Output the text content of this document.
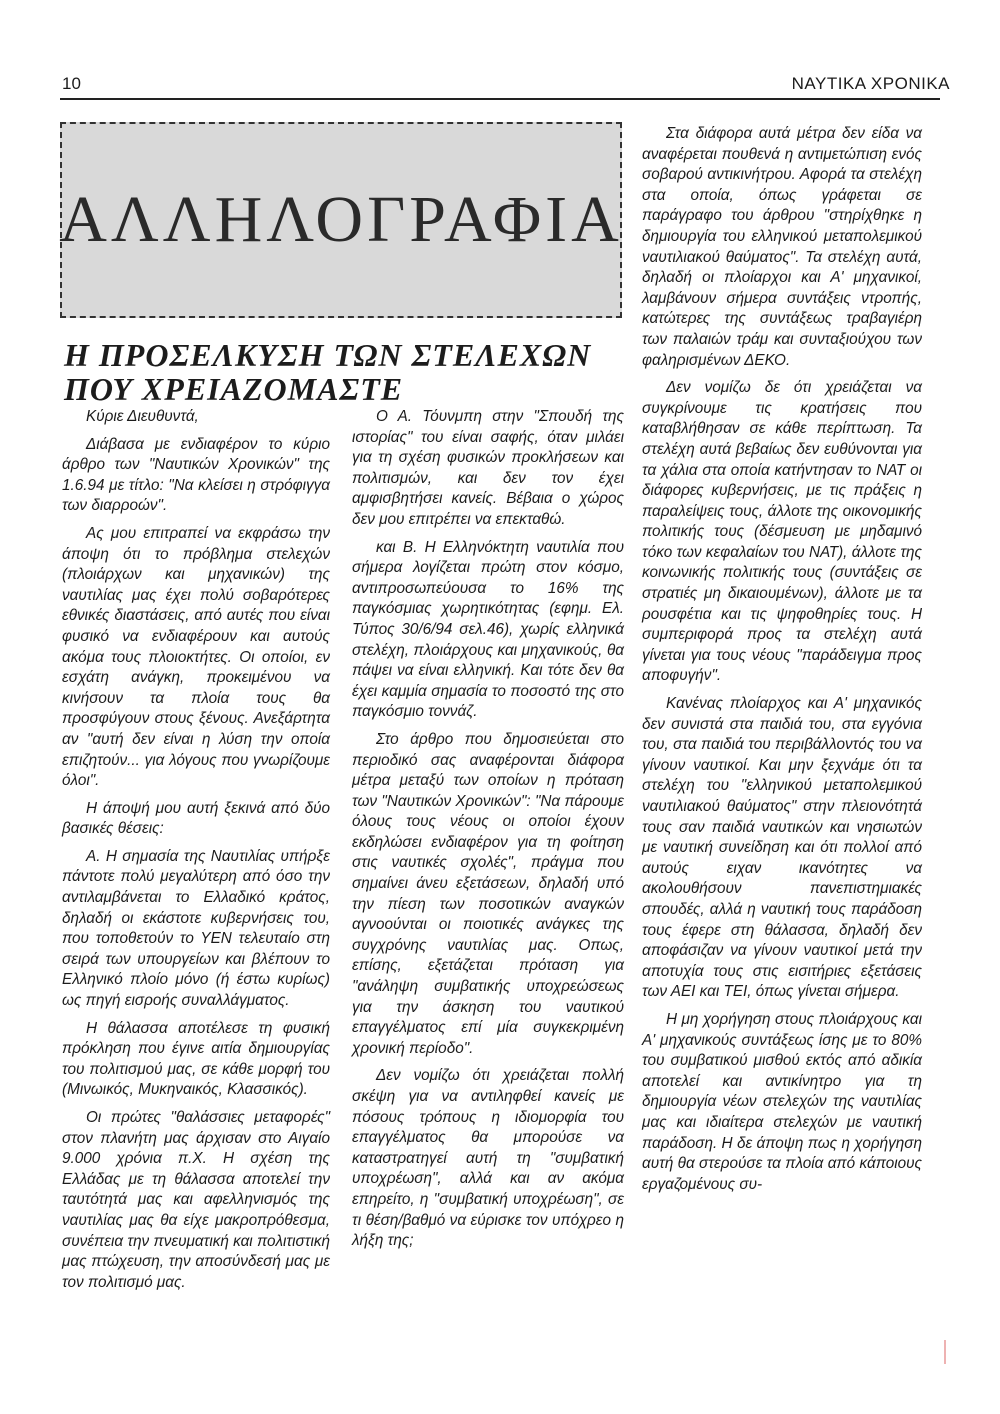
10	ΝΑΥΤΙΚΑ ΧΡΟΝΙΚΑ
ΑΛΛΗΛΟΓΡΑΦΙΑ
Η ΠΡΟΣΕΛΚΥΣΗ ΤΩΝ ΣΤΕΛΕΧΩΝ ΠΟΥ ΧΡΕΙΑΖΟΜΑΣΤΕ

Κύριε Διευθυντά,

Διάβασα με ενδιαφέρον το κύριο άρθρο των "Ναυτικών Χρονικών" της 1.6.94 με τίτλο: "Να κλείσει η στρόφιγγα των διαρροών".

Ας μου επιτραπεί να εκφράσω την άποψη ότι το πρόβλημα στελεχών (πλοιάρχων και μηχανικών) της ναυτιλίας μας έχει πολύ σοβαρότερες εθνικές διαστάσεις, από αυτές που είναι φυσικό να ενδιαφέρουν και αυτούς ακόμα τους πλοιοκτήτες. Οι οποίοι, εν εσχάτη ανάγκη, προκειμένου να κινήσουν τα πλοία τους θα προσφύγουν στους ξένους. Ανεξάρτητα αν "αυτή δεν είναι η λύση την οποία επιζητούν... για λόγους που γνωρίζουμε όλοι".

Η άποψή μου αυτή ξεκινά από δύο βασικές θέσεις:

Α. Η σημασία της Ναυτιλίας υπήρξε πάντοτε πολύ μεγαλύτερη από όσο την αντιλαμβάνεται το Ελλαδικό κράτος, δηλαδή οι εκάστοτε κυβερνήσεις του, που τοποθετούν το ΥΕΝ τελευταίο στη σειρά των υπουργείων και βλέπουν το Ελληνικό πλοίο μόνο (ή έστω κυρίως) ως πηγή εισροής συναλλάγματος.

Η θάλασσα αποτέλεσε τη φυσική πρόκληση που έγινε αιτία δημιουργίας του πολιτισμού μας, σε κάθε μορφή του (Μινωικός, Μυκηναικός, Κλασσικός).

Οι πρώτες "θαλάσσιες μεταφορές" στον πλανήτη μας άρχισαν στο Αιγαίο 9.000 χρόνια π.Χ. Η σχέση της Ελλάδας με τη θάλασσα αποτελεί την ταυτότητά μας και αφελληνισμός της ναυτιλίας μας θα είχε μακροπρόθεσμα, συνέπεια την πνευματική και πολιτιστική μας πτώχευση, την αποσύνδεσή μας με τον πολιτισμό μας.

Ο Α. Τόυνμπη στην "Σπουδή της ιστορίας" του είναι σαφής, όταν μιλάει για τη σχέση φυσικών προκλήσεων και πολιτισμών, και δεν τον έχει αμφισβητήσει κανείς. Βέβαια ο χώρος δεν μου επιτρέπει να επεκταθώ.

και Β. Η Ελληνόκτητη ναυτιλία που σήμερα λογίζεται πρώτη στον κόσμο, αντιπροσωπεύουσα το 16% της παγκόσμιας χωρητικότητας (εφημ. Ελ. Τύπος 30/6/94 σελ.46), χωρίς ελληνικά στελέχη, πλοιάρχους και μηχανικούς, θα πάψει να είναι ελληνική. Και τότε δεν θα έχει καμμία σημασία το ποσοστό της στο παγκόσμιο τοννάζ.

Στο άρθρο που δημοσιεύεται στο περιοδικό σας αναφέρονται διάφορα μέτρα μεταξύ των οποίων η πρόταση των "Ναυτικών Χρονικών": "Να πάρουμε όλους τους νέους οι οποίοι έχουν εκδηλώσει ενδιαφέρον για τη φοίτηση στις ναυτικές σχολές", πράγμα που σημαίνει άνευ εξετάσεων, δηλαδή υπό την πίεση των ποσοτικών αναγκών αγνοούνται οι ποιοτικές ανάγκες της συγχρόνης ναυτιλίας μας. Οπως, επίσης, εξετάζεται πρόταση για "ανάληψη συμβατικής υποχρεώσεως για την άσκηση του ναυτικού επαγγέλματος επί μία συγκεκριμένη χρονική περίοδο".

Δεν νομίζω ότι χρειάζεται πολλή σκέψη για να αντιληφθεί κανείς με πόσους τρόπους η ιδιομορφία του επαγγέλματος θα μπορούσε να καταστρατηγεί αυτή τη "συμβατική υποχρέωση", αλλά και αν ακόμα επηρείτο, η "συμβατική υποχρέωση", σε τι θέση/βαθμό να εύρισκε τον υπόχρεο η λήξη της;

Στα διάφορα αυτά μέτρα δεν είδα να αναφέρεται πουθενά η αντιμετώπιση ενός σοβαρού αντικινήτρου. Αφορά τα στελέχη στα οποία, όπως γράφεται σε παράγραφο του άρθρου "στηρίχθηκε η δημιουργία του ελληνικού μεταπολεμικού ναυτιλιακού θαύματος". Τα στελέχη αυτά, δηλαδή οι πλοίαρχοι και Α' μηχανικοί, λαμβάνουν σήμερα συντάξεις ντροπής, κατώτερες της συντάξεως τραβαγιέρη των παλαιών τράμ και συνταξιούχου των φαληρισμένων ΔΕΚΟ.

Δεν νομίζω δε ότι χρειάζεται να συγκρίνουμε τις κρατήσεις που καταβλήθησαν σε κάθε περίπτωση. Τα στελέχη αυτά βεβαίως δεν ευθύνονται για τα χάλια στα οποία κατήντησαν το ΝΑΤ οι διάφορες κυβερνήσεις, με τις πράξεις η παραλείψεις τους, άλλοτε της οικονομικής πολιτικής τους (δέσμευση με μηδαμινό τόκο των κεφαλαίων του ΝΑΤ), άλλοτε της κοινωνικής πολιτικής τους (συντάξεις σε στρατιές μη δικαιουμένων), άλλοτε με τα ρουσφέτια και τις ψηφοθηρίες τους. Η συμπεριφορά προς τα στελέχη αυτά γίνεται για τους νέους "παράδειγμα προς αποφυγήν".

Κανένας πλοίαρχος και Α' μηχανικός δεν συνιστά στα παιδιά του, στα εγγόνια του, στα παιδιά του περιβάλλοντός του να γίνουν ναυτικοί. Και μην ξεχνάμε ότι τα στελέχη του "ελληνικού μεταπολεμικού ναυτιλιακού θαύματος" στην πλειονότητά τους σαν παιδιά ναυτικών και νησιωτών με ναυτική συνείδηση και ότι πολλοί από αυτούς ειχαν ικανότητες να ακολουθήσουν πανεπιστημιακές σπουδές, αλλά η ναυτική τους παράδοση τους έφερε στη θάλασσα, δηλαδή δεν αποφάσιζαν να γίνουν ναυτικοί μετά την αποτυχία τους στις εισιτήριες εξετάσεις των ΑΕΙ και ΤΕΙ, όπως γίνεται σήμερα.

Η μη χορήγηση στους πλοιάρχους και Α' μηχανικούς συντάξεως ίσης με το 80% του συμβατικού μισθού εκτός από αδικία αποτελεί και αντικίνητρο για τη δημιουργία νέων στελεχών της ναυτιλίας μας και ιδιαίτερα στελεχών με ναυτική παράδοση. Η δε άποψη πως η χορήγηση αυτή θα στερούσε τα πλοία από κάποιους εργαζομένους συ-
